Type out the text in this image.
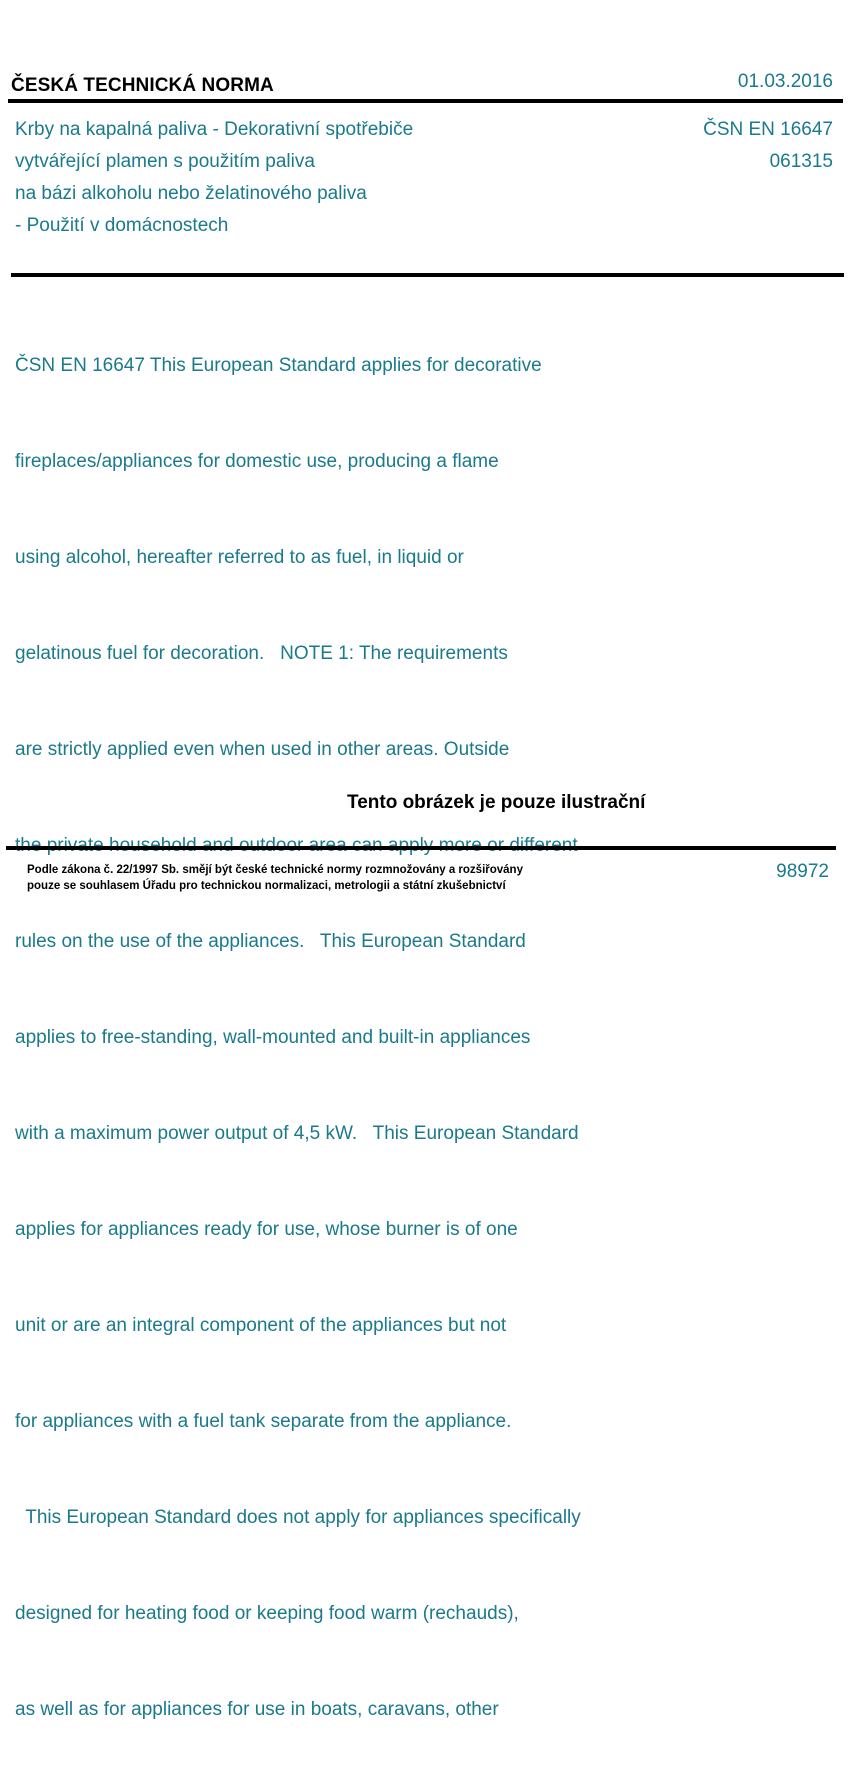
ČESKÁ TECHNICKÁ NORMA	01.03.2016
Krby na kapalná paliva - Dekorativní spotřebiče
vytvářející plamen s použitím paliva
na bázi alkoholu nebo želatinového paliva
- Použití v domácnostech
ČSN EN 16647
061315

ČSN EN 16647 This European Standard applies for decorative

fireplaces/appliances for domestic use, producing a flame

using alcohol, hereafter referred to as fuel, in liquid or

gelatinous fuel for decoration.   NOTE 1: The requirements

are strictly applied even when used in other areas. Outside

rules on the use of the appliances.   This European Standard

applies to free-standing, wall-mounted and built-in appliances

with a maximum power output of 4,5 kW.   This European Standard

applies for appliances ready for use, whose burner is of one

unit or are an integral component of the appliances but not

for appliances with a fuel tank separate from the appliance.

This European Standard does not apply for appliances specifically

designed for heating food or keeping food warm (rechauds),

as well as for appliances for use in boats, caravans, other

Tento obrázek je pouze ilustrační
Podle zákona č. 22/1997 Sb. smějí být české technické normy rozmnožovány a rozšiřovány
pouze se souhlasem Úřadu pro technickou normalizaci, metrologii a státní zkušebnictví
98972
